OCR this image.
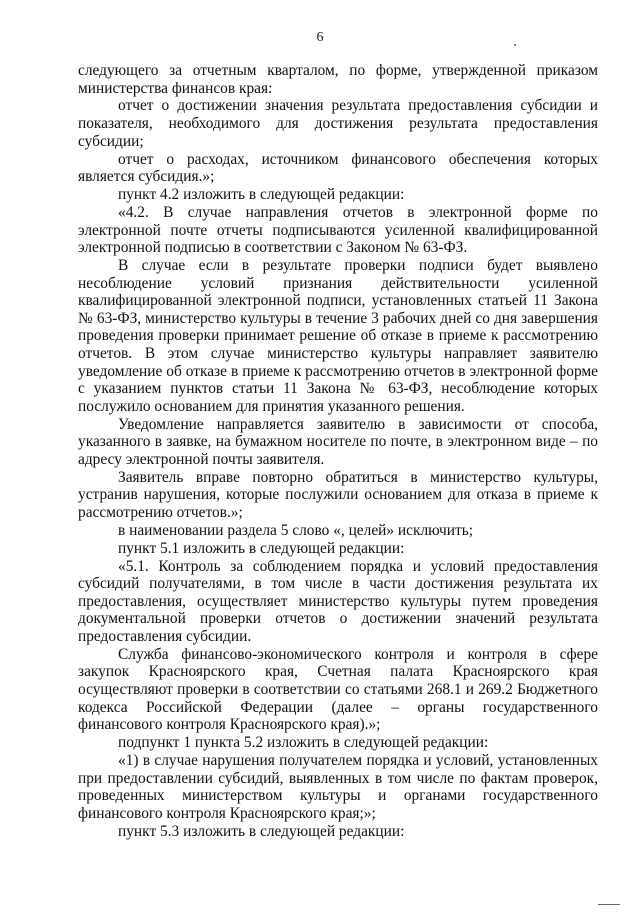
6

следующего за отчетным кварталом, по форме, утвержденной приказом министерства финансов края:

отчет о достижении значения результата предоставления субсидии и показателя, необходимого для достижения результата предоставления субсидии;

отчет о расходах, источником финансового обеспечения которых является субсидия.»;

пункт 4.2 изложить в следующей редакции:

«4.2. В случае направления отчетов в электронной форме по электронной почте отчеты подписываются усиленной квалифицированной электронной подписью в соответствии с Законом № 63-ФЗ.

В случае если в результате проверки подписи будет выявлено несоблюдение условий признания действительности усиленной квалифицированной электронной подписи, установленных статьей 11 Закона № 63-ФЗ, министерство культуры в течение 3 рабочих дней со дня завершения проведения проверки принимает решение об отказе в приеме к рассмотрению отчетов. В этом случае министерство культуры направляет заявителю уведомление об отказе в приеме к рассмотрению отчетов в электронной форме с указанием пунктов статьи 11 Закона № 63-ФЗ, несоблюдение которых послужило основанием для принятия указанного решения.

Уведомление направляется заявителю в зависимости от способа, указанного в заявке, на бумажном носителе по почте, в электронном виде – по адресу электронной почты заявителя.

Заявитель вправе повторно обратиться в министерство культуры, устранив нарушения, которые послужили основанием для отказа в приеме к рассмотрению отчетов.»;

в наименовании раздела 5 слово «, целей» исключить;

пункт 5.1 изложить в следующей редакции:

«5.1. Контроль за соблюдением порядка и условий предоставления субсидий получателями, в том числе в части достижения результата их предоставления, осуществляет министерство культуры путем проведения документальной проверки отчетов о достижении значений результата предоставления субсидии.

Служба финансово-экономического контроля и контроля в сфере закупок Красноярского края, Счетная палата Красноярского края осуществляют проверки в соответствии со статьями 268.1 и 269.2 Бюджетного кодекса Российской Федерации (далее – органы государственного финансового контроля Красноярского края).»;

подпункт 1 пункта 5.2 изложить в следующей редакции:

«1) в случае нарушения получателем порядка и условий, установленных при предоставлении субсидий, выявленных в том числе по фактам проверок, проведенных министерством культуры и органами государственного финансового контроля Красноярского края;»;

пункт 5.3 изложить в следующей редакции:
